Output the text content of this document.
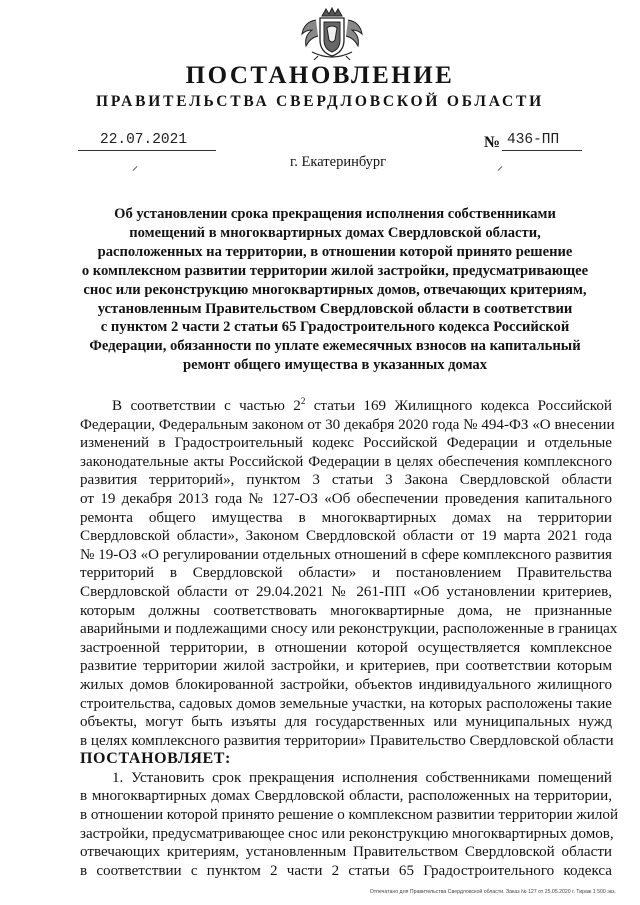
ПОСТАНОВЛЕНИЕ
ПРАВИТЕЛЬСТВА СВЕРДЛОВСКОЙ ОБЛАСТИ
22.07.2021	№ 436-ПП
г. Екатеринбург
Об установлении срока прекращения исполнения собственниками
помещений в многоквартирных домах Свердловской области,
расположенных на территории, в отношении которой принято решение
о комплексном развитии территории жилой застройки, предусматривающее
снос или реконструкцию многоквартирных домов, отвечающих критериям,
установленным Правительством Свердловской области в соответствии
с пунктом 2 части 2 статьи 65 Градостроительного кодекса Российской
Федерации, обязанности по уплате ежемесячных взносов на капитальный
ремонт общего имущества в указанных домах
В соответствии с частью $2^2$ статьи 169 Жилищного кодекса Российской
Федерации, Федеральным законом от 30 декабря 2020 года № 494-ФЗ «О внесении
изменений в Градостроительный кодекс Российской Федерации и отдельные
законодательные акты Российской Федерации в целях обеспечения комплексного
развития территорий», пунктом 3 статьи 3 Закона Свердловской области
от 19 декабря 2013 года № 127-ОЗ «Об обеспечении проведения капитального
ремонта общего имущества в многоквартирных домах на территории
Свердловской области», Законом Свердловской области от 19 марта 2021 года
№ 19-ОЗ «О регулировании отдельных отношений в сфере комплексного развития
территорий в Свердловской области» и постановлением Правительства
Свердловской области от 29.04.2021 № 261-ПП «Об установлении критериев,
которым должны соответствовать многоквартирные дома, не признанные
аварийными и подлежащими сносу или реконструкции, расположенные в границах
застроенной территории, в отношении которой осуществляется комплексное
развитие территории жилой застройки, и критериев, при соответствии которым
жилых домов блокированной застройки, объектов индивидуального жилищного
строительства, садовых домов земельные участки, на которых расположены такие
объекты, могут быть изъяты для государственных или муниципальных нужд
в целях комплексного развития территории» Правительство Свердловской области
ПОСТАНОВЛЯЕТ:
1. Установить срок прекращения исполнения собственниками помещений
в многоквартирных домах Свердловской области, расположенных на территории,
в отношении которой принято решение о комплексном развитии территории жилой
застройки, предусматривающее снос или реконструкцию многоквартирных домов,
отвечающих критериям, установленным Правительством Свердловской области
в соответствии с пунктом 2 части 2 статьи 65 Градостроительного кодекса
Отпечатано для Правительства Свердловской области. Заказ № 127 от 25.05.2020 г. Тираж 1 500 экз.
